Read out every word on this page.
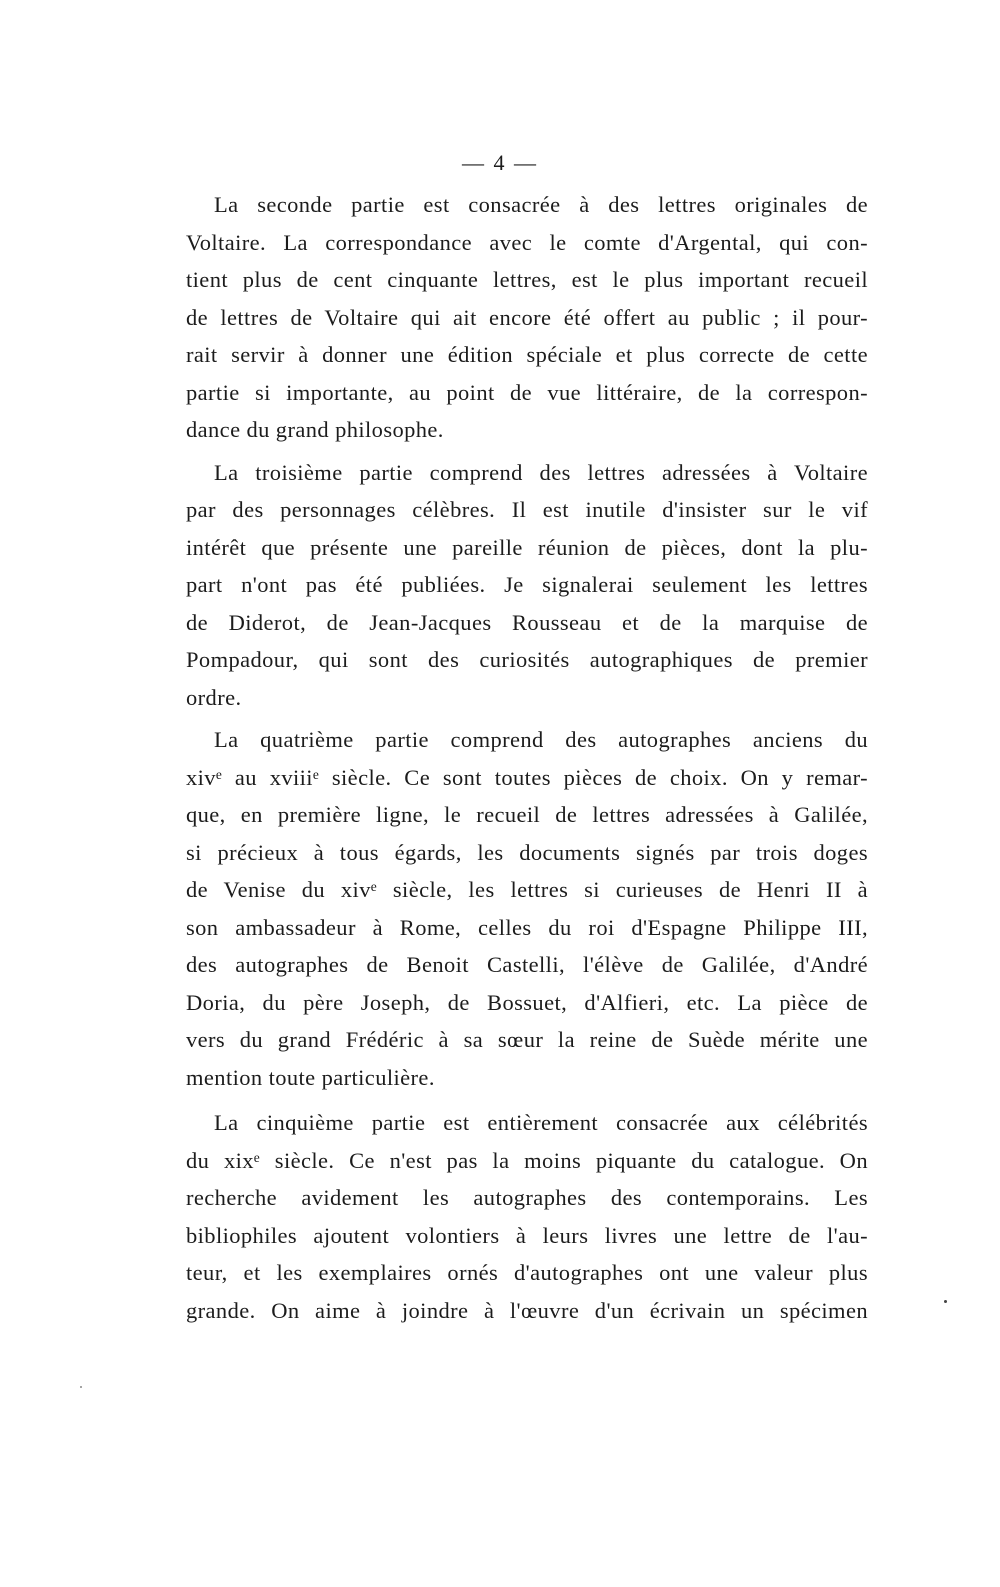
— 4 —
La seconde partie est consacrée à des lettres originales de
Voltaire. La correspondance avec le comte d'Argental, qui con-
tient plus de cent cinquante lettres, est le plus important recueil
de lettres de Voltaire qui ait encore été offert au public ; il pour-
rait servir à donner une édition spéciale et plus correcte de cette
partie si importante, au point de vue littéraire, de la correspon-
dance du grand philosophe.
La troisième partie comprend des lettres adressées à Voltaire
par des personnages célèbres. Il est inutile d'insister sur le vif
intérêt que présente une pareille réunion de pièces, dont la plu-
part n'ont pas été publiées. Je signalerai seulement les lettres
de Diderot, de Jean-Jacques Rousseau et de la marquise de
Pompadour, qui sont des curiosités autographiques de premier
ordre.
La quatrième partie comprend des autographes anciens du
xivᵉ au xviiiᵉ siècle. Ce sont toutes pièces de choix. On y remar-
que, en première ligne, le recueil de lettres adressées à Galilée,
si précieux à tous égards, les documents signés par trois doges
de Venise du xivᵉ siècle, les lettres si curieuses de Henri II à
son ambassadeur à Rome, celles du roi d'Espagne Philippe III,
des autographes de Benoit Castelli, l'élève de Galilée, d'André
Doria, du père Joseph, de Bossuet, d'Alfieri, etc. La pièce de
vers du grand Frédéric à sa sœur la reine de Suède mérite une
mention toute particulière.
La cinquième partie est entièrement consacrée aux célébrités
du xixᵉ siècle. Ce n'est pas la moins piquante du catalogue. On
recherche avidement les autographes des contemporains. Les
bibliophiles ajoutent volontiers à leurs livres une lettre de l'au-
teur, et les exemplaires ornés d'autographes ont une valeur plus
grande. On aime à joindre à l'œuvre d'un écrivain un spécimen
